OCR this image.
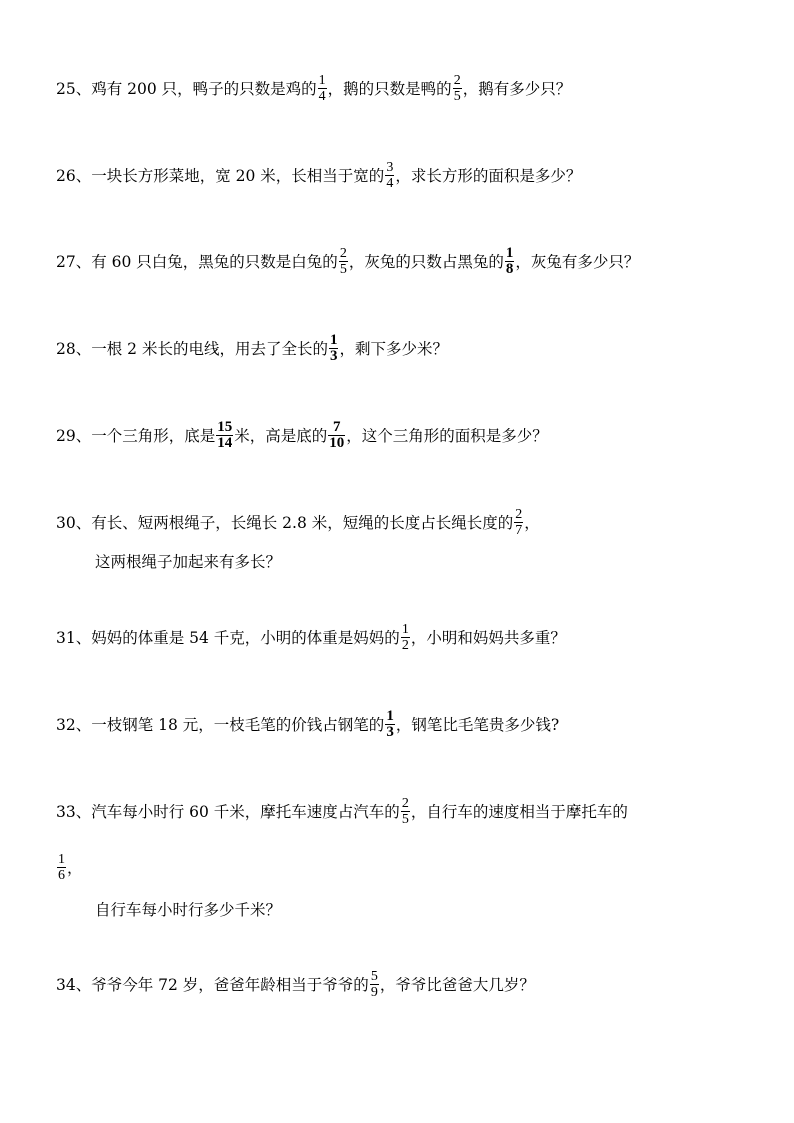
25、鸡有 200 只，鸭子的只数是鸡的 $\frac{1}{4}$ ，鹅的只数是鸭的 $\frac{2}{5}$ ，鹅有多少只？
26、一块长方形菜地，宽 20 米，长相当于宽的 $\frac{3}{4}$ ，求长方形的面积是多少？
27、有 60 只白兔，黑兔的只数是白兔的 $\frac{2}{5}$ ，灰兔的只数占黑兔的 $\frac{1}{8}$ ，灰兔有多少只？
28、一根 2 米长的电线，用去了全长的 $\frac{1}{3}$ ，剩下多少米？
29、一个三角形，底是 $\frac{15}{14}$ 米，高是底的 $\frac{7}{10}$ ，这个三角形的面积是多少？
30、有长、短两根绳子，长绳长 2.8 米，短绳的长度占长绳长度的 $\frac{2}{7}$ ，
这两根绳子加起来有多长？
31、妈妈的体重是 54 千克，小明的体重是妈妈的 $\frac{1}{2}$ ，小明和妈妈共多重？
32、一枝钢笔 18 元，一枝毛笔的价钱占钢笔的 $\frac{1}{3}$ ，钢笔比毛笔贵多少钱?
33、汽车每小时行 60 千米，摩托车速度占汽车的 $\frac{2}{5}$ ，自行车的速度相当于摩托车的
$\frac{1}{6}$ ，
自行车每小时行多少千米？
34、爷爷今年 72 岁，爸爸年龄相当于爷爷的 $\frac{5}{9}$ ，爷爷比爸爸大几岁？
